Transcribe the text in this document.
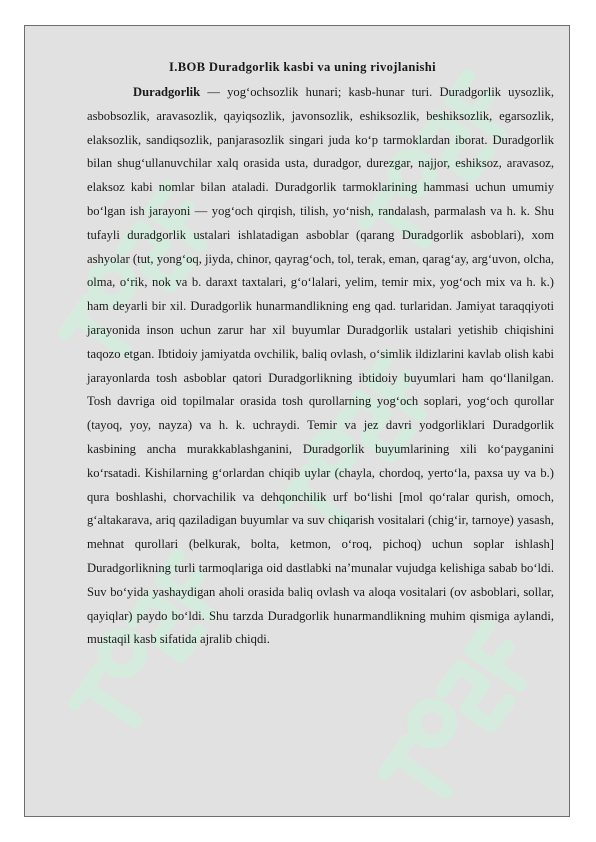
I.BOB Duradgorlik kasbi va uning rivojlanishi

Duradgorlik — yog‘ochsozlik hunari; kasb-hunar turi. Duradgorlik uysozlik, asbobsozlik, aravasozlik, qayiqsozlik, javonsozlik, eshiksozlik, beshiksozlik, egarsozlik, elaksozlik, sandiqsozlik, panjarasozlik singari juda ko‘p tarmoklardan iborat. Duradgorlik bilan shug‘ullanuvchilar xalq orasida usta, duradgor, durezgar, najjor, eshiksoz, aravasoz, elaksoz kabi nomlar bilan ataladi. Duradgorlik tarmoklarining hammasi uchun umumiy bo‘lgan ish jarayoni — yog‘och qirqish, tilish, yo‘nish, randalash, parmalash va h. k. Shu tufayli duradgorlik ustalari ishlatadigan asboblar (qarang Duradgorlik asboblari), xom ashyolar (tut, yong‘oq, jiyda, chinor, qayrag‘och, tol, terak, eman, qarag‘ay, arg‘uvon, olcha, olma, o‘rik, nok va b. daraxt taxtalari, g‘o‘lalari, yelim, temir mix, yog‘och mix va h. k.) ham deyarli bir xil. Duradgorlik hunarmandlikning eng qad. turlaridan. Jamiyat taraqqiyoti jarayonida inson uchun zarur har xil buyumlar Duradgorlik ustalari yetishib chiqishini taqozo etgan. Ibtidoiy jamiyatda ovchilik, baliq ovlash, o‘simlik ildizlarini kavlab olish kabi jarayonlarda tosh asboblar qatori Duradgorlikning ibtidoiy buyumlari ham qo‘llanilgan. Tosh davriga oid topilmalar orasida tosh qurollarning yog‘och soplari, yog‘och qurollar (tayoq, yoy, nayza) va h. k. uchraydi. Temir va jez davri yodgorliklari Duradgorlik kasbining ancha murakkablashganini, Duradgorlik buyumlarining xili ko‘payganini ko‘rsatadi. Kishilarning g‘orlardan chiqib uylar (chayla, chordoq, yerto‘la, paxsa uy va b.) qura boshlashi, chorvachilik va dehqonchilik urf bo‘lishi [mol qo‘ralar qurish, omoch, g‘altakarava, ariq qaziladigan buyumlar va suv chiqarish vositalari (chig‘ir, tarnoye) yasash, mehnat qurollari (belkurak, bolta, ketmon, o‘roq, pichoq) uchun soplar ishlash] Duradgorlikning turli tarmoqlariga oid dastlabki na’munalar vujudga kelishiga sabab bo‘ldi. Suv bo‘yida yashaydigan aholi orasida baliq ovlash va aloqa vositalari (ov asboblari, sollar, qayiqlar) paydo bo‘ldi. Shu tarzda Duradgorlik hunarmandlikning muhim qismiga aylandi, mustaqil kasb sifatida ajralib chiqdi.
